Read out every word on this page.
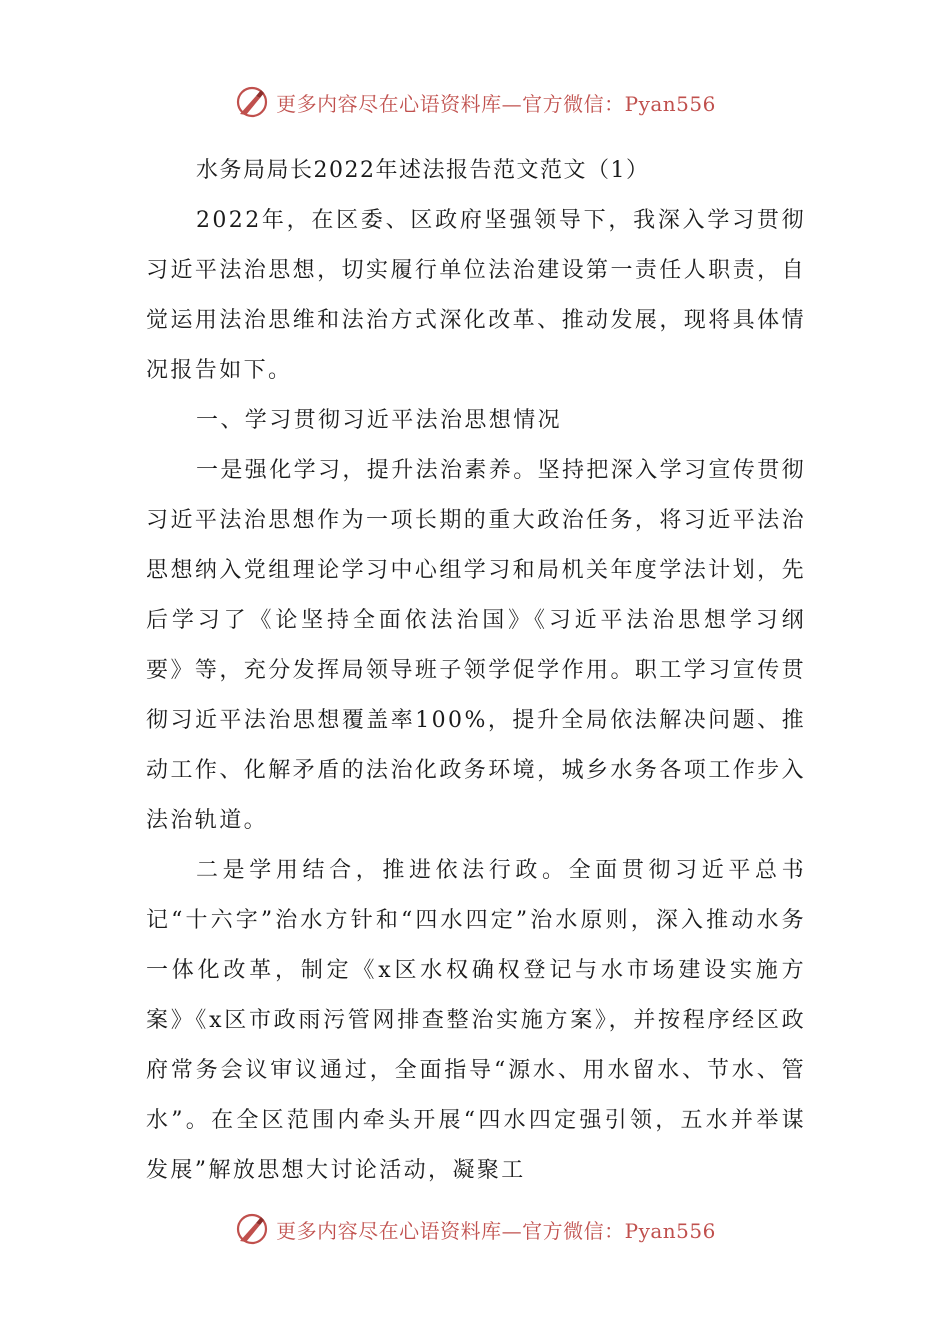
更多内容尽在心语资料库—官方微信：Pyan556

水务局局长2022年述法报告范文范文（1）

2022年，在区委、区政府坚强领导下，我深入学习贯彻习近平法治思想，切实履行单位法治建设第一责任人职责，自觉运用法治思维和法治方式深化改革、推动发展，现将具体情况报告如下。

一、学习贯彻习近平法治思想情况

一是强化学习，提升法治素养。坚持把深入学习宣传贯彻习近平法治思想作为一项长期的重大政治任务，将习近平法治思想纳入党组理论学习中心组学习和局机关年度学法计划，先后学习了《论坚持全面依法治国》《习近平法治思想学习纲要》等，充分发挥局领导班子领学促学作用。职工学习宣传贯彻习近平法治思想覆盖率100%，提升全局依法解决问题、推动工作、化解矛盾的法治化政务环境，城乡水务各项工作步入法治轨道。

二是学用结合，推进依法行政。全面贯彻习近平总书记“十六字”治水方针和“四水四定”治水原则，深入推动水务一体化改革，制定《x区水权确权登记与水市场建设实施方案》《x区市政雨污管网排查整治实施方案》，并按程序经区政府常务会议审议通过，全面指导“源水、用水留水、节水、管水”。在全区范围内牵头开展“四水四定强引领，五水并举谋发展”解放思想大讨论活动，凝聚工

更多内容尽在心语资料库—官方微信：Pyan556
